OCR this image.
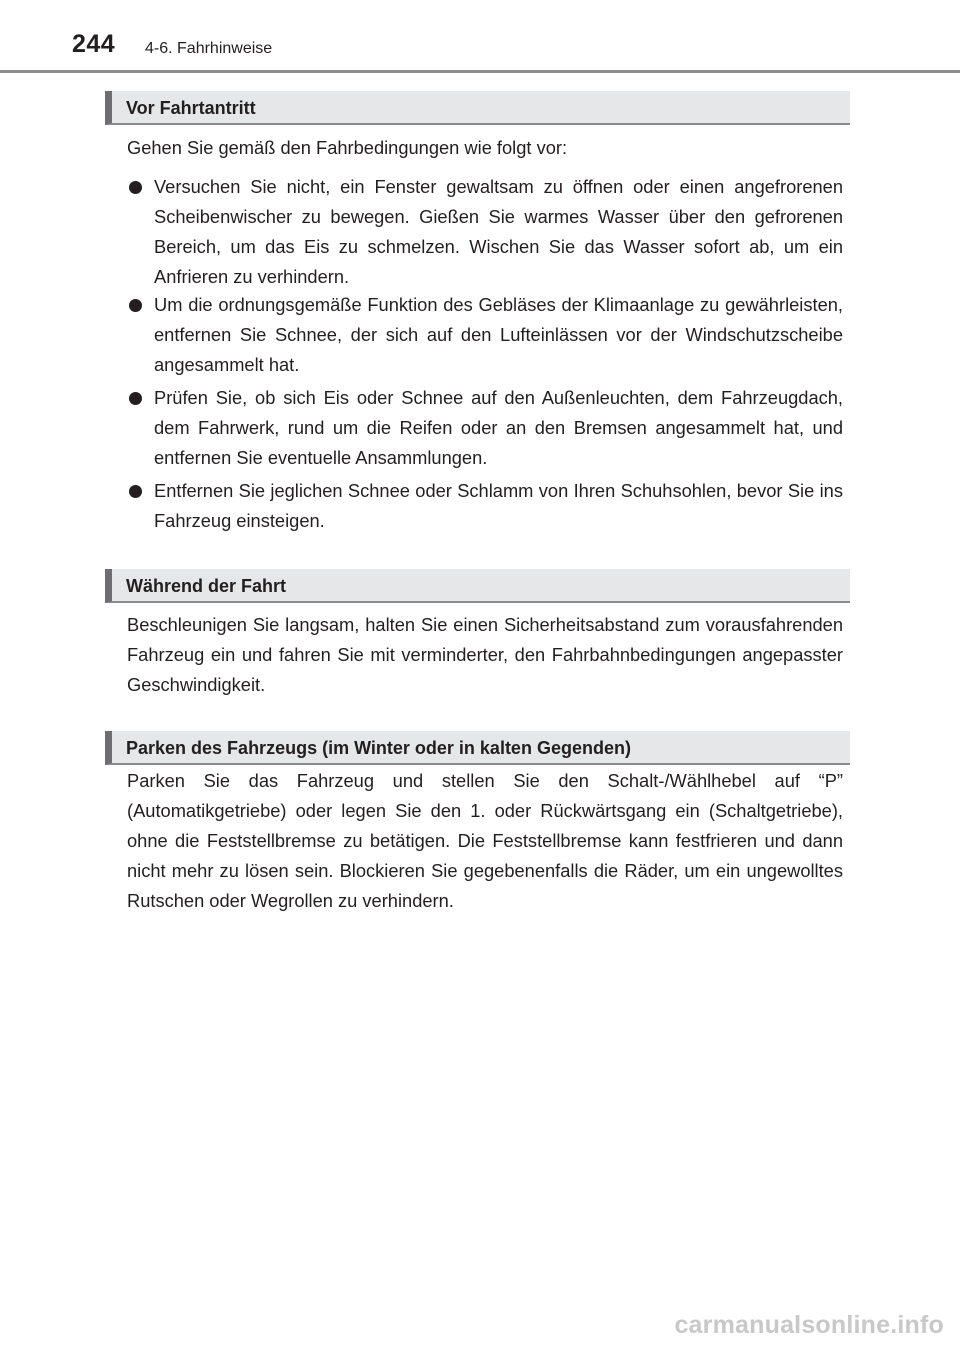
244 4-6. Fahrhinweise
Vor Fahrtantritt
Gehen Sie gemäß den Fahrbedingungen wie folgt vor:
Versuchen Sie nicht, ein Fenster gewaltsam zu öffnen oder einen angefrorenen Scheibenwischer zu bewegen. Gießen Sie warmes Wasser über den gefrorenen Bereich, um das Eis zu schmelzen. Wischen Sie das Wasser sofort ab, um ein Anfrieren zu verhindern.
Um die ordnungsgemäße Funktion des Gebläses der Klimaanlage zu gewährleisten, entfernen Sie Schnee, der sich auf den Lufteinlässen vor der Windschutzscheibe angesammelt hat.
Prüfen Sie, ob sich Eis oder Schnee auf den Außenleuchten, dem Fahrzeugdach, dem Fahrwerk, rund um die Reifen oder an den Bremsen angesammelt hat, und entfernen Sie eventuelle Ansammlungen.
Entfernen Sie jeglichen Schnee oder Schlamm von Ihren Schuhsohlen, bevor Sie ins Fahrzeug einsteigen.
Während der Fahrt
Beschleunigen Sie langsam, halten Sie einen Sicherheitsabstand zum vorausfahrenden Fahrzeug ein und fahren Sie mit verminderter, den Fahrbahnbedingungen angepasster Geschwindigkeit.
Parken des Fahrzeugs (im Winter oder in kalten Gegenden)
Parken Sie das Fahrzeug und stellen Sie den Schalt-/Wählhebel auf “P” (Automatikgetriebe) oder legen Sie den 1. oder Rückwärtsgang ein (Schaltgetriebe), ohne die Feststellbremse zu betätigen. Die Feststellbremse kann festfrieren und dann nicht mehr zu lösen sein. Blockieren Sie gegebenenfalls die Räder, um ein ungewolltes Rutschen oder Wegrollen zu verhindern.
carmanualsonline.info
